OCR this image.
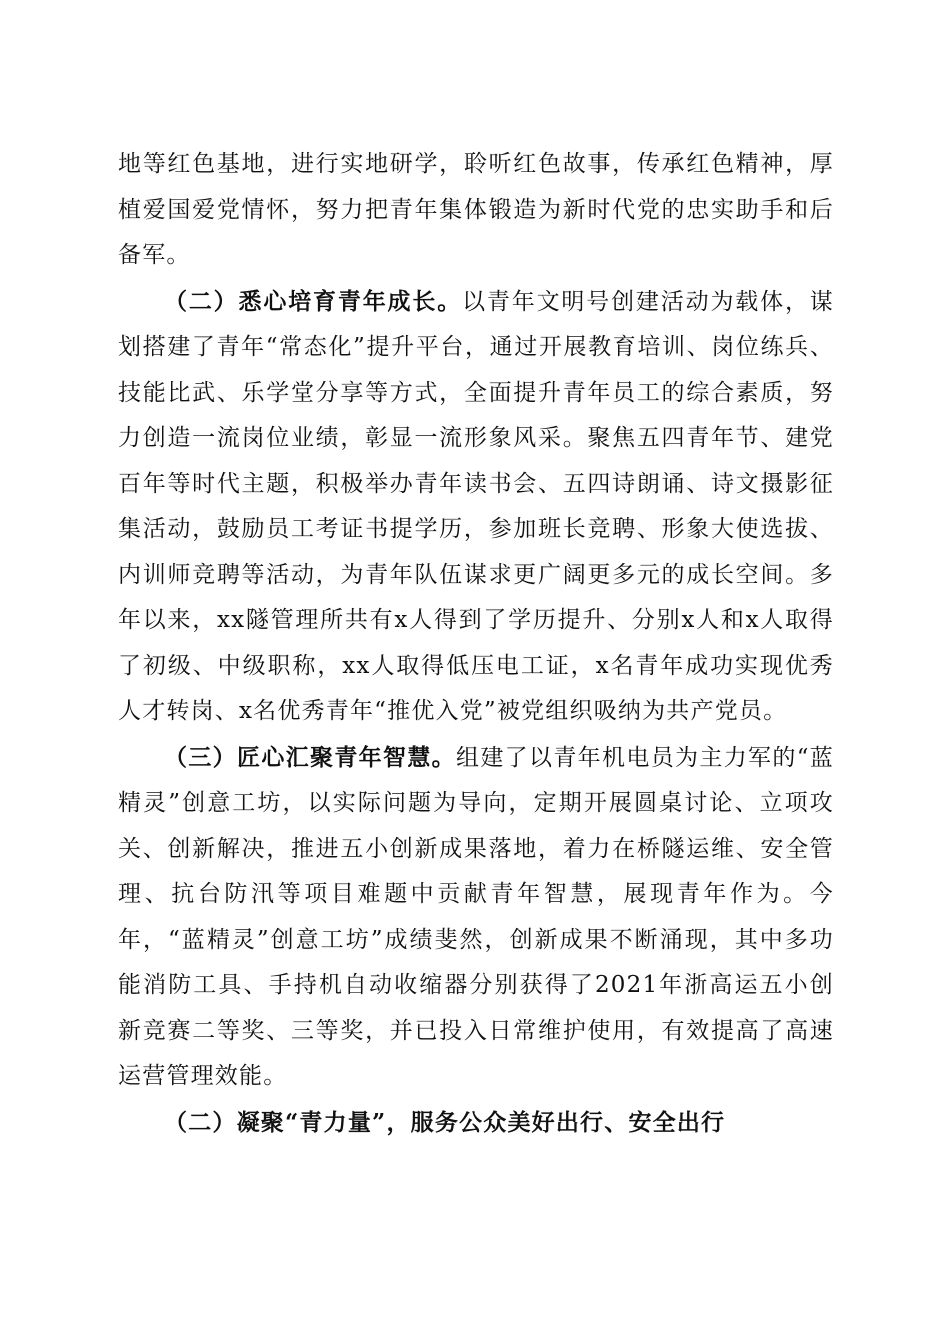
地等红色基地，进行实地研学，聆听红色故事，传承红色精神，厚植爱国爱党情怀，努力把青年集体锻造为新时代党的忠实助手和后备军。

（二）悉心培育青年成长。以青年文明号创建活动为载体，谋划搭建了青年“常态化”提升平台，通过开展教育培训、岗位练兵、技能比武、乐学堂分享等方式，全面提升青年员工的综合素质，努力创造一流岗位业绩，彰显一流形象风采。聚焦五四青年节、建党百年等时代主题，积极举办青年读书会、五四诗朗诵、诗文摄影征集活动，鼓励员工考证书提学历，参加班长竞聘、形象大使选拔、内训师竞聘等活动，为青年队伍谋求更广阔更多元的成长空间。多年以来，xx隧管理所共有x人得到了学历提升、分别x人和x人取得了初级、中级职称，xx人取得低压电工证，x名青年成功实现优秀人才转岗、x名优秀青年“推优入党”被党组织吸纳为共产党员。

（三）匠心汇聚青年智慧。组建了以青年机电员为主力军的“蓝精灵”创意工坊，以实际问题为导向，定期开展圆桌讨论、立项攻关、创新解决，推进五小创新成果落地，着力在桥隧运维、安全管理、抗台防汛等项目难题中贡献青年智慧，展现青年作为。今年，“蓝精灵”创意工坊”成绩斐然，创新成果不断涌现，其中多功能消防工具、手持机自动收缩器分别获得了2021年浙高运五小创新竞赛二等奖、三等奖，并已投入日常维护使用，有效提高了高速运营管理效能。

（二）凝聚“青力量”，服务公众美好出行、安全出行
